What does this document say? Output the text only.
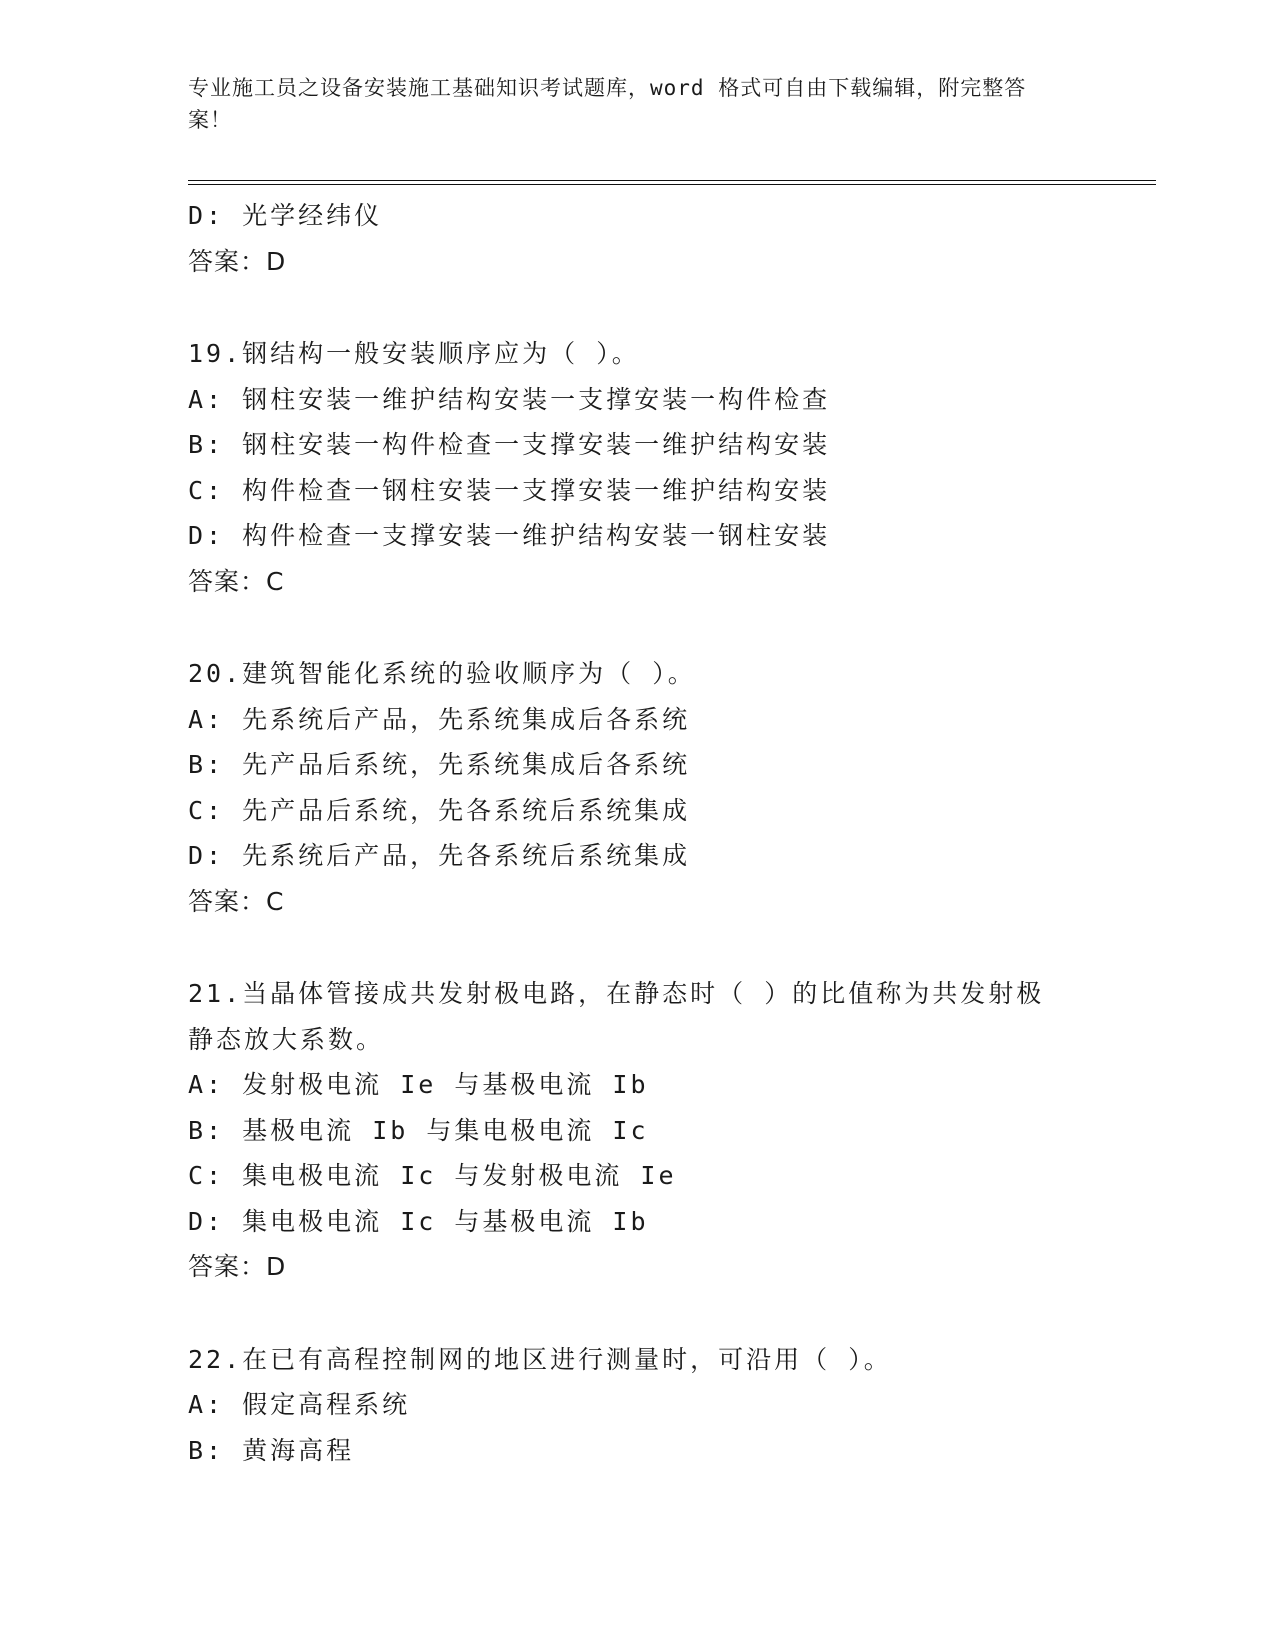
专业施工员之设备安装施工基础知识考试题库，word 格式可自由下载编辑，附完整答案！
D: 光学经纬仪
答案：D
19.钢结构一般安装顺序应为（ ）。
A: 钢柱安装一维护结构安装一支撑安装一构件检查
B: 钢柱安装一构件检查一支撑安装一维护结构安装
C: 构件检查一钢柱安装一支撑安装一维护结构安装
D: 构件检查一支撑安装一维护结构安装一钢柱安装
答案：C
20.建筑智能化系统的验收顺序为（ ）。
A: 先系统后产品，先系统集成后各系统
B: 先产品后系统，先系统集成后各系统
C: 先产品后系统，先各系统后系统集成
D: 先系统后产品，先各系统后系统集成
答案：C
21.当晶体管接成共发射极电路，在静态时（ ）的比值称为共发射极
静态放大系数。
A: 发射极电流 Ie 与基极电流 Ib
B: 基极电流 Ib 与集电极电流 Ic
C: 集电极电流 Ic 与发射极电流 Ie
D: 集电极电流 Ic 与基极电流 Ib
答案：D
22.在已有高程控制网的地区进行测量时，可沿用（ ）。
A: 假定高程系统
B: 黄海高程
